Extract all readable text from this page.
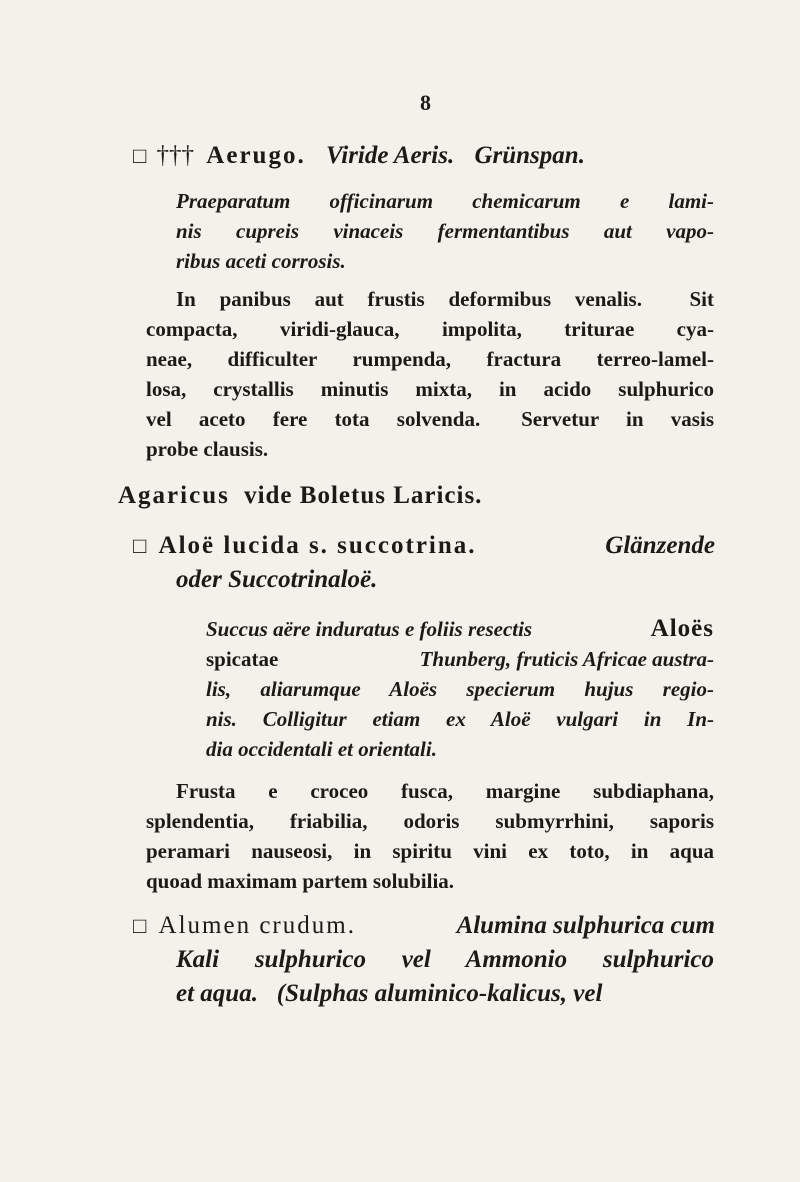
8
□ ††† Aerugo. Viride Aeris. Grünspan.
Praeparatum officinarum chemicarum e lami-
nis cupreis vinaceis fermentantibus aut vapo-
ribus aceti corrosis.
In panibus aut frustis deformibus venalis.  Sit
compacta,  viridi-glauca,  impolita,  triturae  cya-
neae,  difficulter  rumpenda,  fractura  terreo-lamel-
losa,  crystallis  minutis  mixta,  in  acido  sulphurico
vel  aceto  fere  tota  solvenda.   Servetur  in  vasis
probe clausis.
Agaricus vide Boletus Laricis.
□ Aloë lucida s. succotrina.	Glänzende
oder Succotrinaloë.
Succus aëre induratus e foliis resectis	Aloës
spicatae	Thunberg, fruticis Africae austra-
lis,  aliarumque  Aloës  specierum  hujus  regio-
nis.  Colligitur  etiam  ex  Aloë  vulgari  in  In-
dia occidentali et orientali.
Frusta  e  croceo  fusca,  margine  subdiaphana,
splendentia,  friabilia,  odoris  submyrrhini,  saporis
peramari  nauseosi,  in  spiritu  vini  ex  toto,  in  aqua
quoad maximam partem solubilia.
□ Alumen crudum.	Alumina sulphurica cum
Kali sulphurico vel Ammonio sulphurico
et aqua.   (Sulphas aluminico-kalicus, vel
